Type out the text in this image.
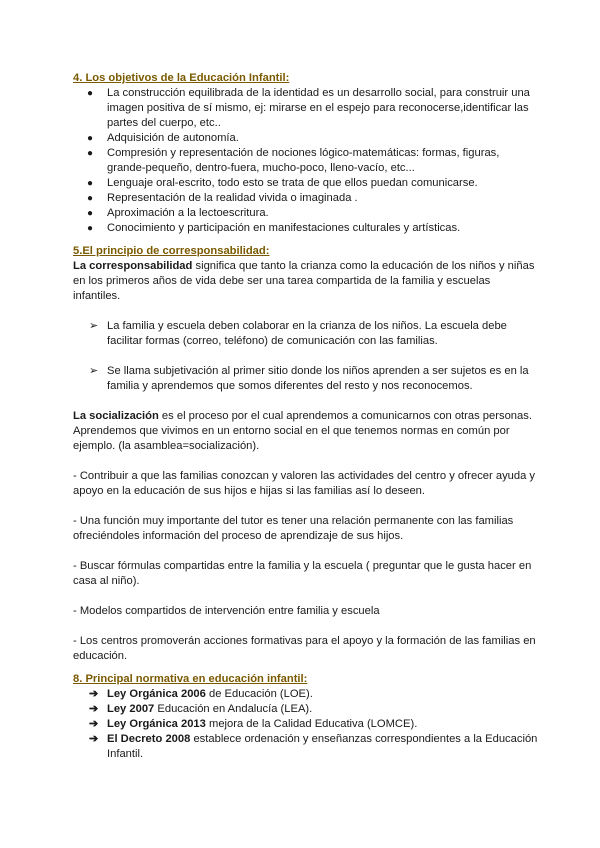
4. Los objetivos de la Educación Infantil:

● La construcción equilibrada de la identidad es un desarrollo social, para construir una imagen positiva de sí mismo, ej: mirarse en el espejo para reconocerse,identificar las partes del cuerpo, etc..
● Adquisición de autonomía.
● Compresión y representación de nociones lógico-matemáticas: formas, figuras, grande-pequeño, dentro-fuera, mucho-poco, lleno-vacío, etc...
● Lenguaje oral-escrito, todo esto se trata de que ellos puedan comunicarse.
● Representación de la realidad vivida o imaginada .
● Aproximación a la lectoescritura.
● Conocimiento y participación en manifestaciones culturales y artísticas.

5.El principio de corresponsabilidad:

La corresponsabilidad significa que tanto la crianza como la educación de los niños y niñas en los primeros años de vida debe ser una tarea compartida de la familia y escuelas infantiles.

➢ La familia y escuela deben colaborar en la crianza de los niños. La escuela debe facilitar formas (correo, teléfono) de comunicación con las familias.

➢ Se llama subjetivación al primer sitio donde los niños aprenden a ser sujetos es en la familia y aprendemos que somos diferentes del resto y nos reconocemos.

La socialización es el proceso por el cual aprendemos a comunicarnos con otras personas. Aprendemos que vivimos en un entorno social en el que tenemos normas en común por ejemplo. (la asamblea=socialización).

- Contribuir a que las familias conozcan y valoren las actividades del centro y ofrecer ayuda y apoyo en la educación de sus hijos e hijas si las familias así lo deseen.

- Una función muy importante del tutor es tener una relación permanente con las familias ofreciéndoles información del proceso de aprendizaje de sus hijos.

- Buscar fórmulas compartidas entre la familia y la escuela ( preguntar que le gusta hacer en casa al niño).

- Modelos compartidos de intervención entre familia y escuela

- Los centros promoverán acciones formativas para el apoyo y la formación de las familias en educación.

8. Principal normativa en educación infantil:

➔ Ley Orgánica 2006 de Educación (LOE).
➔ Ley 2007 Educación en Andalucía (LEA).
➔ Ley Orgánica 2013 mejora de la Calidad Educativa (LOMCE).
➔ El Decreto 2008 establece ordenación y enseñanzas correspondientes a la Educación Infantil.
